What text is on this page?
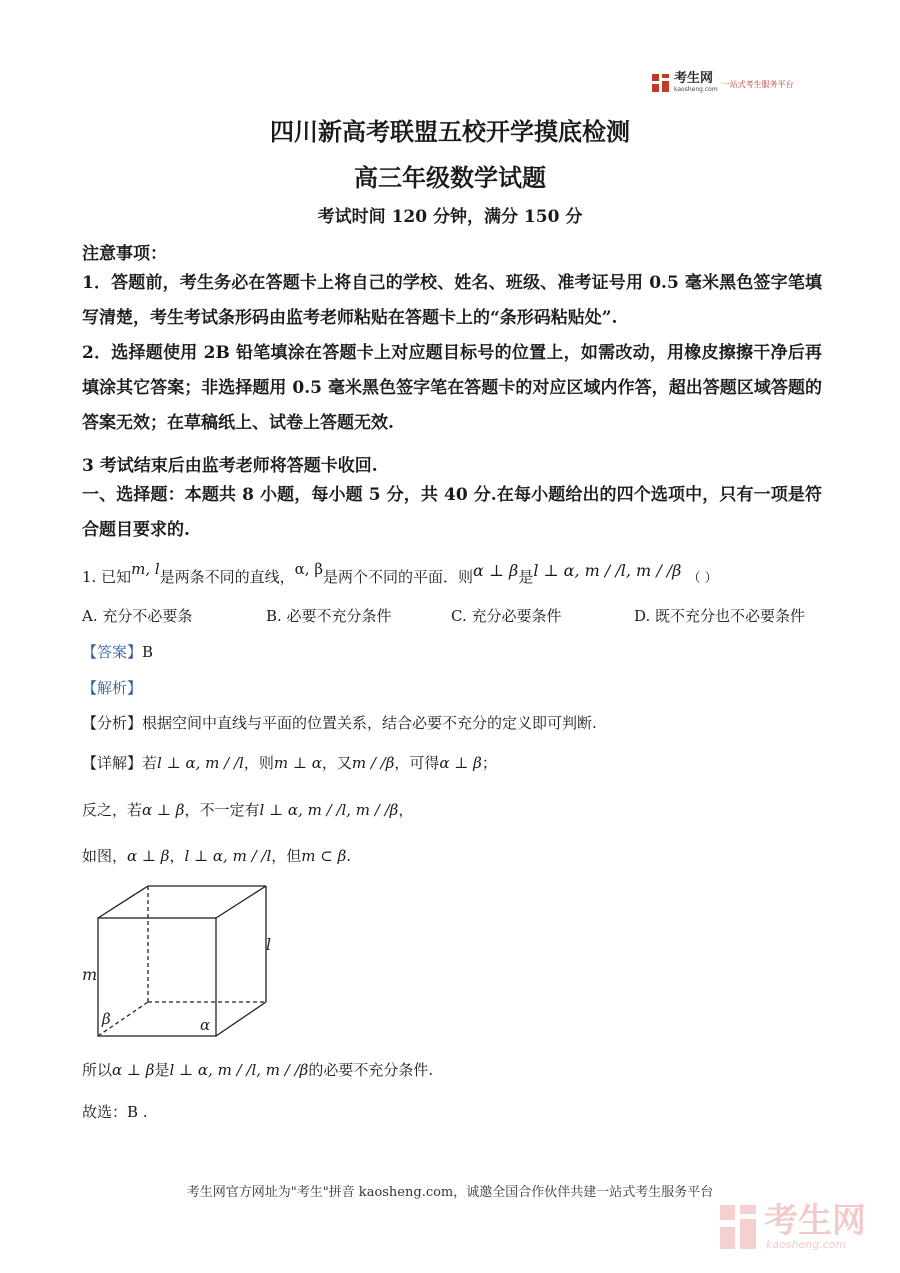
考生网
kaosheng.com
一站式考生服务平台
四川新高考联盟五校开学摸底检测
高三年级数学试题
考试时间 120 分钟，满分 150 分
注意事项：
1．答题前，考生务必在答题卡上将自己的学校、姓名、班级、准考证号用 0.5 毫米黑色签字笔填写清楚，考生考试条形码由监考老师粘贴在答题卡上的“条形码粘贴处”.
2．选择题使用 2B 铅笔填涂在答题卡上对应题目标号的位置上，如需改动，用橡皮擦擦干净后再填涂其它答案；非选择题用 0.5 毫米黑色签字笔在答题卡的对应区域内作答，超出答题区域答题的答案无效；在草稿纸上、试卷上答题无效.
3 考试结束后由监考老师将答题卡收回.
一、选择题：本题共 8 小题，每小题 5 分，共 40 分.在每小题给出的四个选项中，只有一项是符合题目要求的.
1. 已知m, l是两条不同的直线，α, β是两个不同的平面．则α ⊥ β是l ⊥ α, m / /l, m / /β （ ）
A. 充分不必要条	B. 必要不充分条件	C. 充分必要条件	D. 既不充分也不必要条件
【答案】B
【解析】
【分析】根据空间中直线与平面的位置关系，结合必要不充分的定义即可判断.
【详解】若l ⊥ α, m / /l，则m ⊥ α，又m / /β，可得α ⊥ β；
反之，若α ⊥ β，不一定有l ⊥ α, m / /l, m / /β，
如图，α ⊥ β，l ⊥ α, m / /l，但m ⊂ β.
l
m
β	α
所以α ⊥ β是l ⊥ α, m / /l, m / /β的必要不充分条件.
故选：B .
考生网官方网址为"考生"拼音 kaosheng.com，诚邀全国合作伙伴共建一站式考生服务平台
考生网
kaosheng.com
